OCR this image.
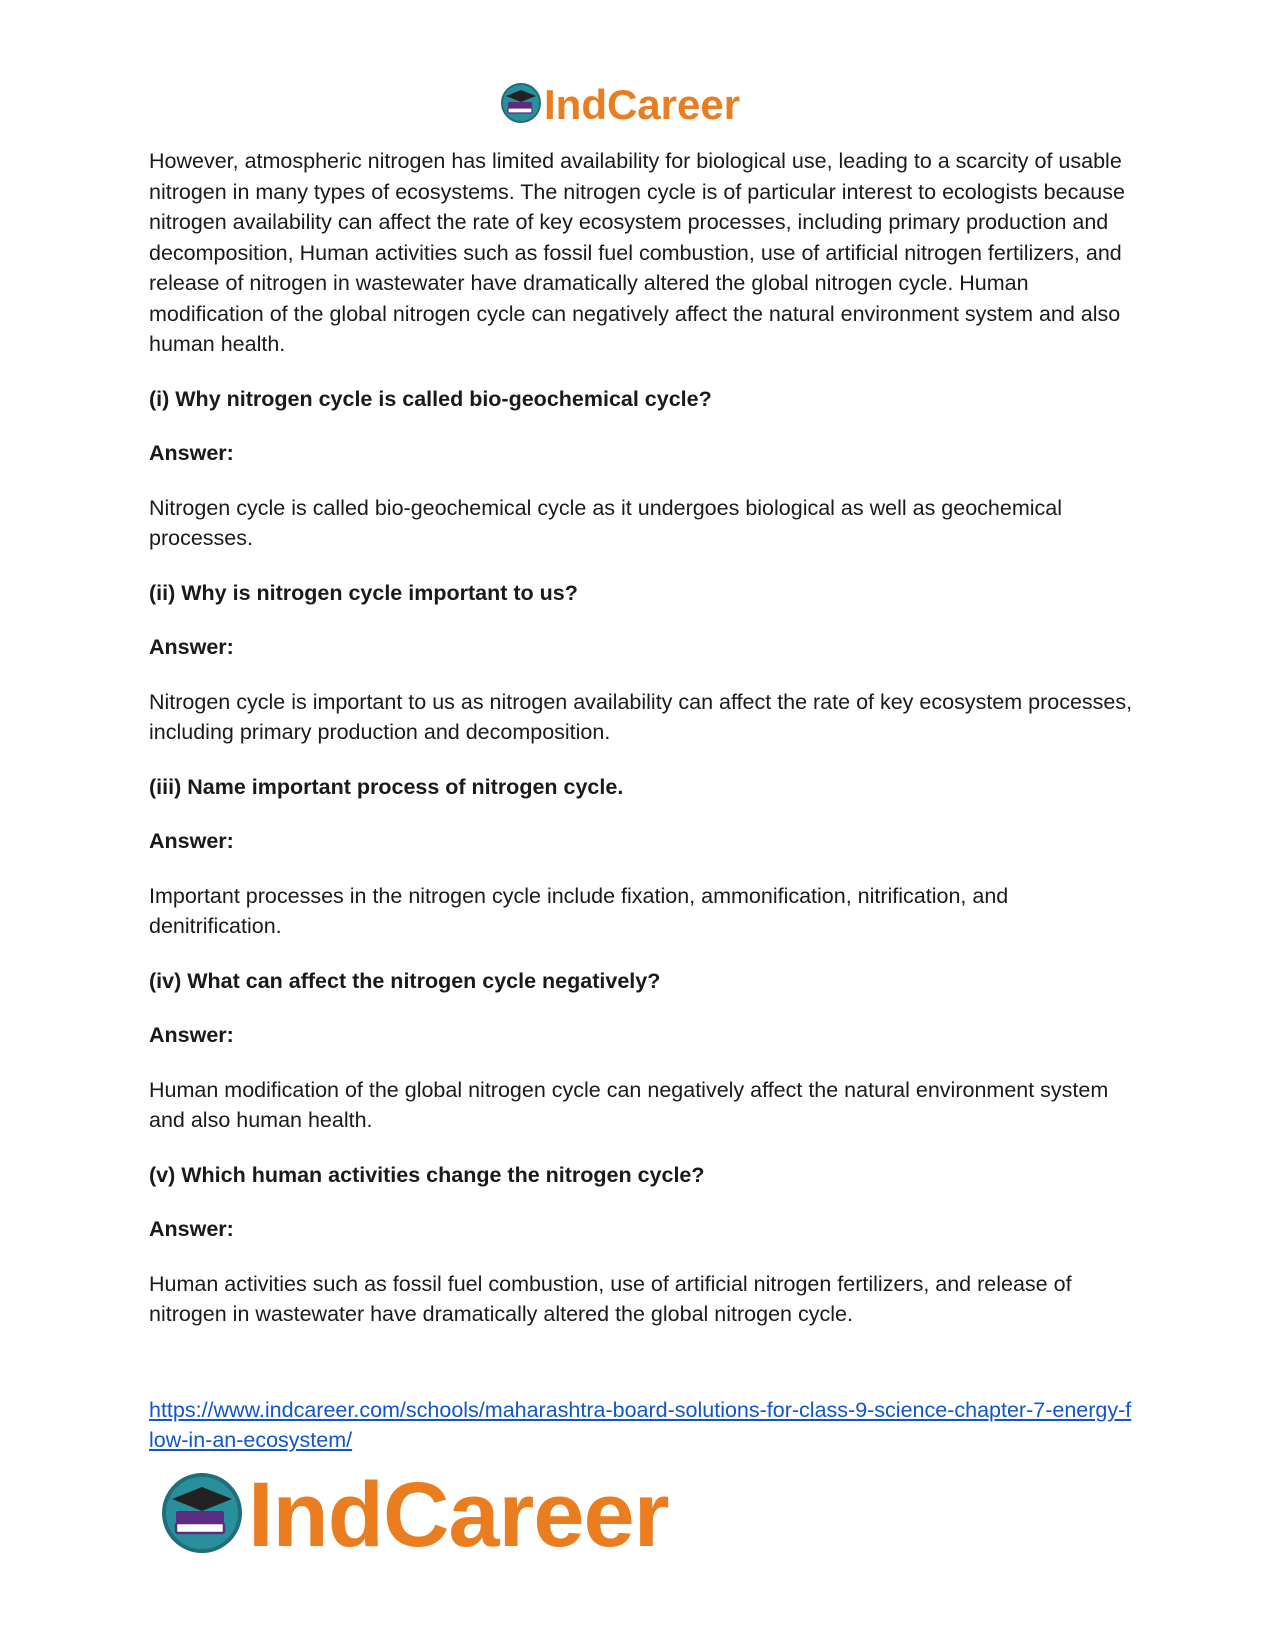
IndCareer

However, atmospheric nitrogen has limited availability for biological use, leading to a scarcity of usable nitrogen in many types of ecosystems. The nitrogen cycle is of particular interest to ecologists because nitrogen availability can affect the rate of key ecosystem processes, including primary production and decomposition, Human activities such as fossil fuel combustion, use of artificial nitrogen fertilizers, and release of nitrogen in wastewater have dramatically altered the global nitrogen cycle. Human modification of the global nitrogen cycle can negatively affect the natural environment system and also human health.

(i) Why nitrogen cycle is called bio-geochemical cycle?

Answer:

Nitrogen cycle is called bio-geochemical cycle as it undergoes biological as well as geochemical processes.

(ii) Why is nitrogen cycle important to us?

Answer:

Nitrogen cycle is important to us as nitrogen availability can affect the rate of key ecosystem processes, including primary production and decomposition.

(iii) Name important process of nitrogen cycle.

Answer:

Important processes in the nitrogen cycle include fixation, ammonification, nitrification, and denitrification.

(iv) What can affect the nitrogen cycle negatively?

Answer:

Human modification of the global nitrogen cycle can negatively affect the natural environment system and also human health.

(v) Which human activities change the nitrogen cycle?

Answer:

Human activities such as fossil fuel combustion, use of artificial nitrogen fertilizers, and release of nitrogen in wastewater have dramatically altered the global nitrogen cycle.

https://www.indcareer.com/schools/maharashtra-board-solutions-for-class-9-science-chapter-7-energy-flow-in-an-ecosystem/
IndCareer
